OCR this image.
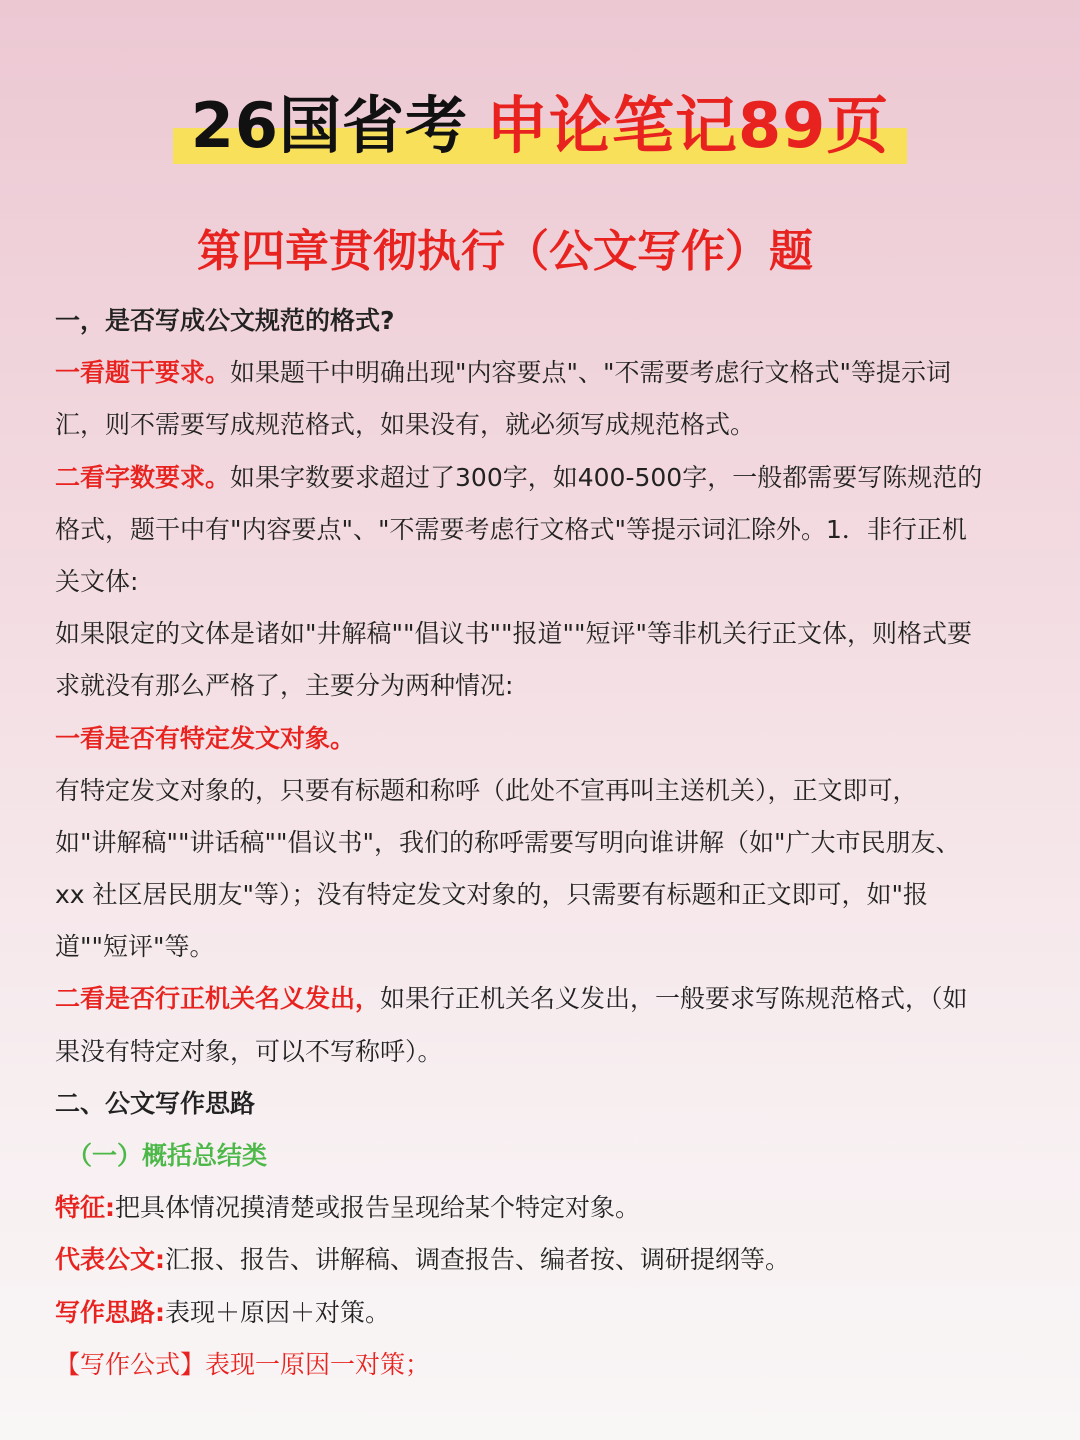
26国省考 申论笔记89页
第四章贯彻执行（公文写作）题
一，是否写成公文规范的格式?
一看题干要求。如果题干中明确出现"内容要点"、"不需要考虑行文格式"等提示词
汇，则不需要写成规范格式，如果没有，就必须写成规范格式。
二看字数要求。如果字数要求超过了300字，如400-500字，一般都需要写陈规范的
格式，题干中有"内容要点"、"不需要考虑行文格式"等提示词汇除外。1．非行正机
关文体:
如果限定的文体是诸如"井解稿""倡议书""报道""短评"等非机关行正文体，则格式要
求就没有那么严格了，主要分为两种情况:
一看是否有特定发文对象。
有特定发文对象的，只要有标题和称呼（此处不宣再叫主送机关），正文即可，
如"讲解稿""讲话稿""倡议书"，我们的称呼需要写明向谁讲解（如"广大市民朋友、
xx 社区居民朋友"等）；没有特定发文对象的，只需要有标题和正文即可，如"报
道""短评"等。
二看是否行正机关名义发出，如果行正机关名义发出，一般要求写陈规范格式，（如
果没有特定对象，可以不写称呼）。
二、公文写作思路
（一）概括总结类
特征:把具体情况摸清楚或报告呈现给某个特定对象。
代表公文:汇报、报告、讲解稿、调查报告、编者按、调研提纲等。
写作思路:表现＋原因＋对策。
【写作公式】表现一原因一对策；
